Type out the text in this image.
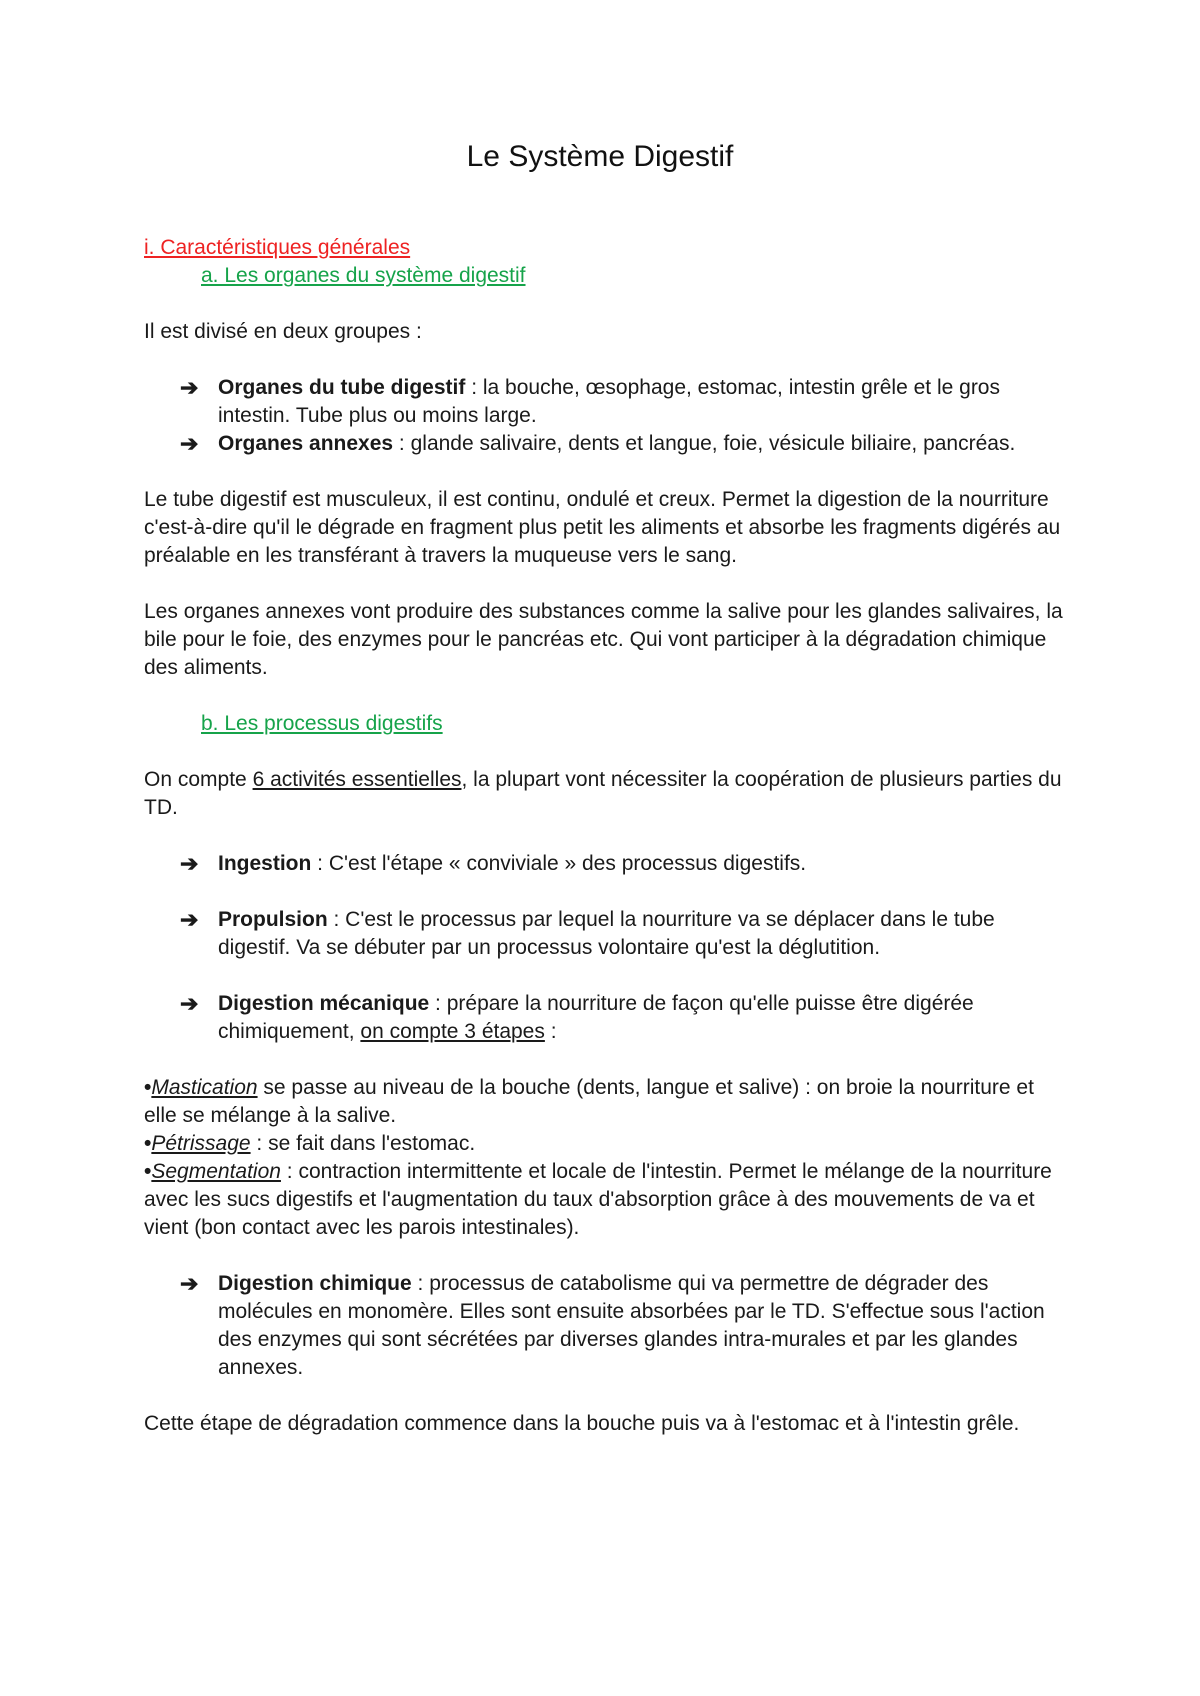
Le Système Digestif

i. Caractéristiques générales

a. Les organes du système digestif

Il est divisé en deux groupes :

➔ Organes du tube digestif : la bouche, œsophage, estomac, intestin grêle et le gros intestin. Tube plus ou moins large.

➔ Organes annexes : glande salivaire, dents et langue, foie, vésicule biliaire, pancréas.

Le tube digestif est musculeux, il est continu, ondulé et creux. Permet la digestion de la nourriture c'est-à-dire qu'il le dégrade en fragment plus petit les aliments et absorbe les fragments digérés au préalable en les transférant à travers la muqueuse vers le sang.

Les organes annexes vont produire des substances comme la salive pour les glandes salivaires, la bile pour le foie, des enzymes pour le pancréas etc. Qui vont participer à la dégradation chimique des aliments.

b. Les processus digestifs

On compte 6 activités essentielles, la plupart vont nécessiter la coopération de plusieurs parties du TD.

➔ Ingestion : C'est l'étape « conviviale » des processus digestifs.

➔ Propulsion : C'est le processus par lequel la nourriture va se déplacer dans le tube digestif. Va se débuter par un processus volontaire qu'est la déglutition.

➔ Digestion mécanique : prépare la nourriture de façon qu'elle puisse être digérée chimiquement, on compte 3 étapes :

•Mastication se passe au niveau de la bouche (dents, langue et salive) : on broie la nourriture et elle se mélange à la salive.

•Pétrissage : se fait dans l'estomac.

•Segmentation : contraction intermittente et locale de l'intestin. Permet le mélange de la nourriture avec les sucs digestifs et l'augmentation du taux d'absorption grâce à des mouvements de va et vient (bon contact avec les parois intestinales).

➔ Digestion chimique : processus de catabolisme qui va permettre de dégrader des molécules en monomère. Elles sont ensuite absorbées par le TD. S'effectue sous l'action des enzymes qui sont sécrétées par diverses glandes intra-murales et par les glandes annexes.

Cette étape de dégradation commence dans la bouche puis va à l'estomac et à l'intestin grêle.
